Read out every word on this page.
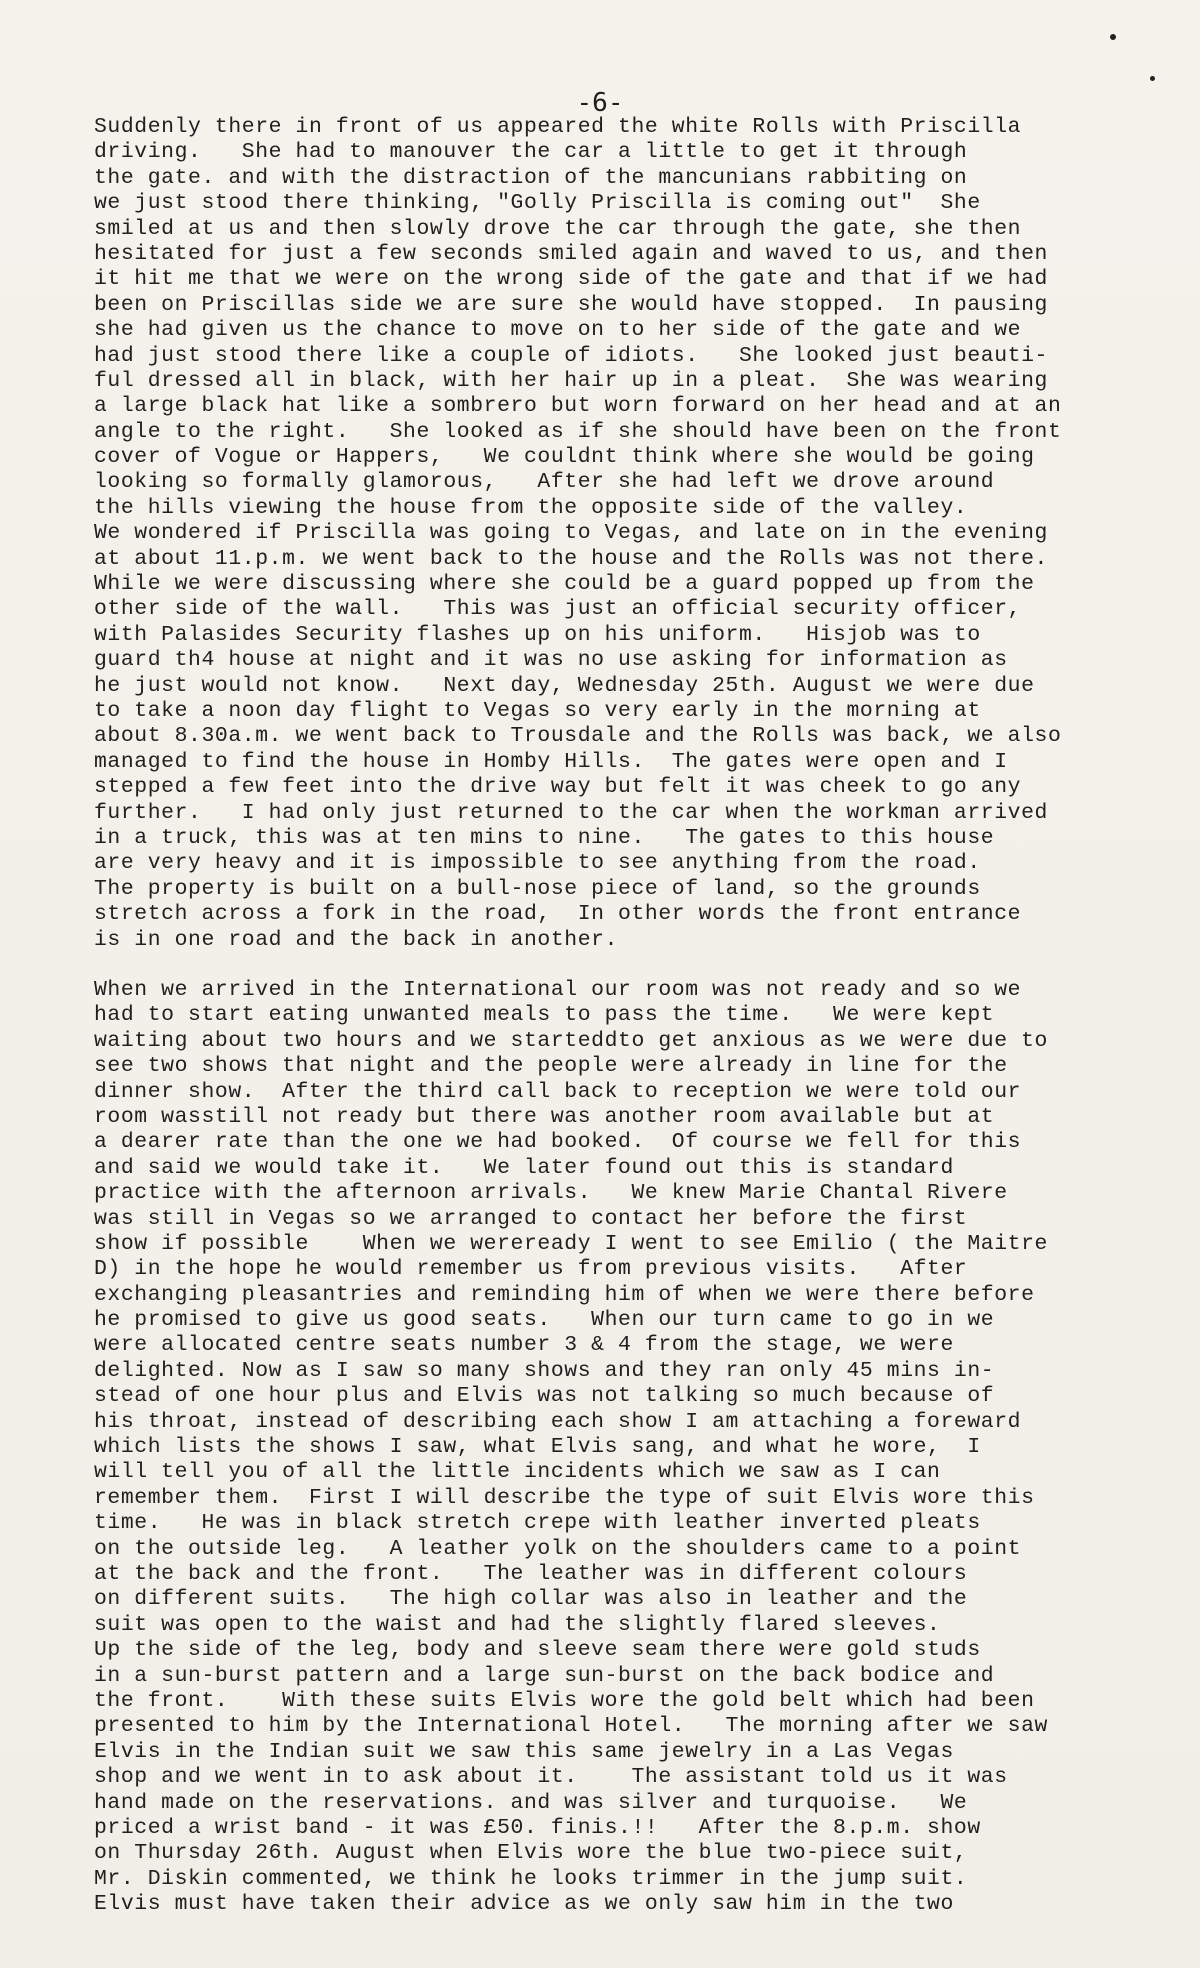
-6-
Suddenly there in front of us appeared the white Rolls with Priscilla
driving.   She had to manouver the car a little to get it through
the gate. and with the distraction of the mancunians rabbiting on
we just stood there thinking, "Golly Priscilla is coming out"  She
smiled at us and then slowly drove the car through the gate, she then
hesitated for just a few seconds smiled again and waved to us, and then
it hit me that we were on the wrong side of the gate and that if we had
been on Priscillas side we are sure she would have stopped.  In pausing
she had given us the chance to move on to her side of the gate and we
had just stood there like a couple of idiots.   She looked just beauti-
ful dressed all in black, with her hair up in a pleat.  She was wearing
a large black hat like a sombrero but worn forward on her head and at an
angle to the right.   She looked as if she should have been on the front
cover of Vogue or Happers,   We couldnt think where she would be going
looking so formally glamorous,   After she had left we drove around
the hills viewing the house from the opposite side of the valley.
We wondered if Priscilla was going to Vegas, and late on in the evening
at about 11.p.m. we went back to the house and the Rolls was not there.
While we were discussing where she could be a guard popped up from the
other side of the wall.   This was just an official security officer,
with Palasides Security flashes up on his uniform.   Hisjob was to
guard th4 house at night and it was no use asking for information as
he just would not know.   Next day, Wednesday 25th. August we were due
to take a noon day flight to Vegas so very early in the morning at
about 8.30a.m. we went back to Trousdale and the Rolls was back, we also
managed to find the house in Homby Hills.  The gates were open and I
stepped a few feet into the drive way but felt it was cheek to go any
further.   I had only just returned to the car when the workman arrived
in a truck, this was at ten mins to nine.   The gates to this house
are very heavy and it is impossible to see anything from the road.
The property is built on a bull-nose piece of land, so the grounds
stretch across a fork in the road,  In other words the front entrance
is in one road and the back in another.
When we arrived in the International our room was not ready and so we
had to start eating unwanted meals to pass the time.   We were kept
waiting about two hours and we starteddto get anxious as we were due to
see two shows that night and the people were already in line for the
dinner show.  After the third call back to reception we were told our
room wasstill not ready but there was another room available but at
a dearer rate than the one we had booked.  Of course we fell for this
and said we would take it.   We later found out this is standard
practice with the afternoon arrivals.   We knew Marie Chantal Rivere
was still in Vegas so we arranged to contact her before the first
show if possible    When we wereready I went to see Emilio ( the Maitre
D) in the hope he would remember us from previous visits.   After
exchanging pleasantries and reminding him of when we were there before
he promised to give us good seats.   When our turn came to go in we
were allocated centre seats number 3 & 4 from the stage, we were
delighted. Now as I saw so many shows and they ran only 45 mins in-
stead of one hour plus and Elvis was not talking so much because of
his throat, instead of describing each show I am attaching a foreward
which lists the shows I saw, what Elvis sang, and what he wore,  I
will tell you of all the little incidents which we saw as I can
remember them.  First I will describe the type of suit Elvis wore this
time.   He was in black stretch crepe with leather inverted pleats
on the outside leg.   A leather yolk on the shoulders came to a point
at the back and the front.   The leather was in different colours
on different suits.   The high collar was also in leather and the
suit was open to the waist and had the slightly flared sleeves.
Up the side of the leg, body and sleeve seam there were gold studs
in a sun-burst pattern and a large sun-burst on the back bodice and
the front.    With these suits Elvis wore the gold belt which had been
presented to him by the International Hotel.   The morning after we saw
Elvis in the Indian suit we saw this same jewelry in a Las Vegas
shop and we went in to ask about it.    The assistant told us it was
hand made on the reservations. and was silver and turquoise.   We
priced a wrist band - it was £50. finis.!!   After the 8.p.m. show
on Thursday 26th. August when Elvis wore the blue two-piece suit,
Mr. Diskin commented, we think he looks trimmer in the jump suit.
Elvis must have taken their advice as we only saw him in the two
